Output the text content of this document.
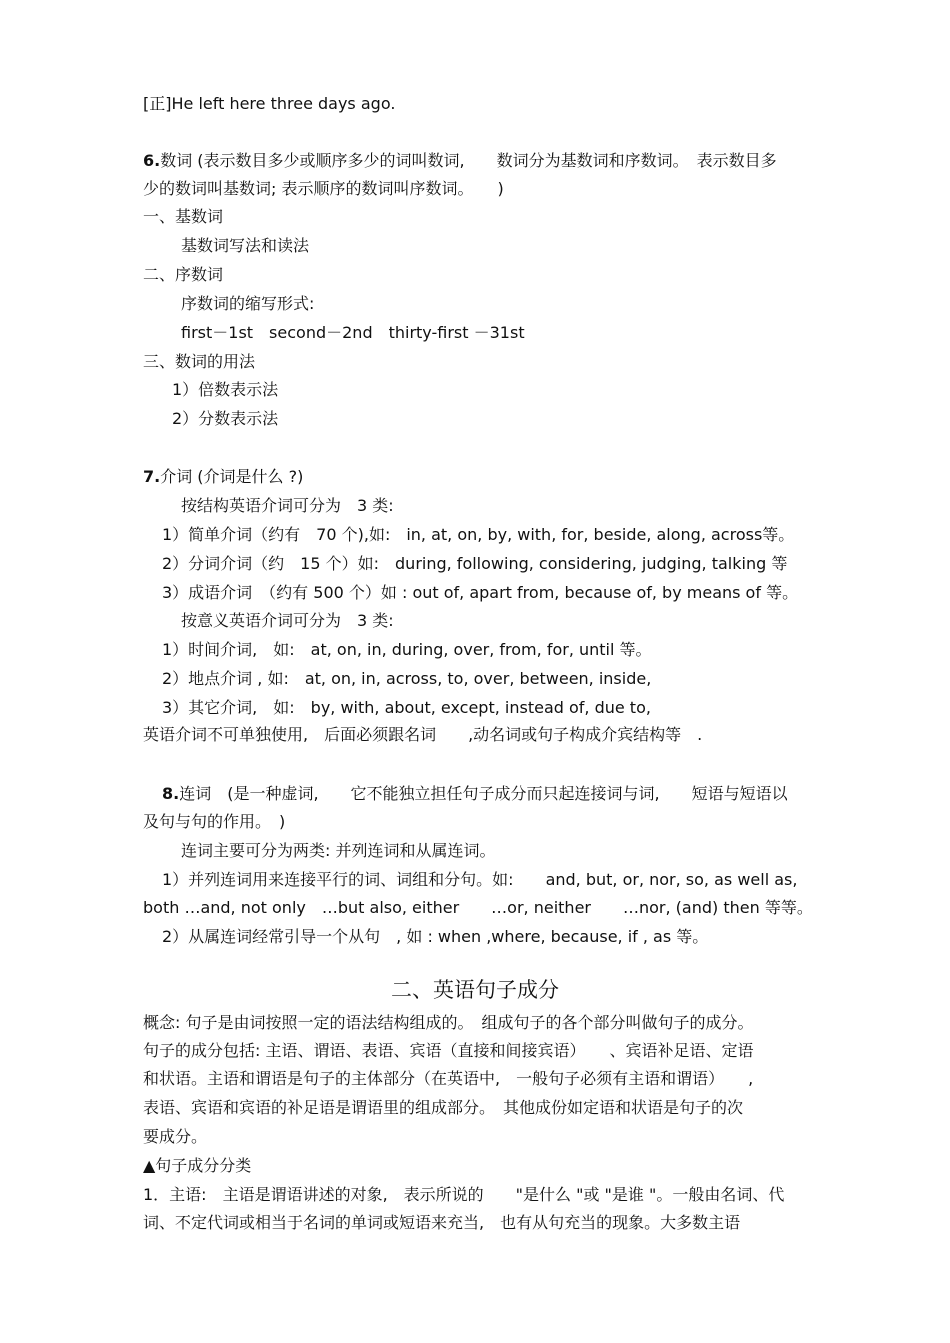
[正]He left here three days ago.
6.数词 (表示数目多少或顺序多少的词叫数词,　　数词分为基数词和序数词。　表示数目多
少的数词叫基数词; 表示顺序的数词叫序数词。　　)
一、基数词
基数词写法和读法
二、序数词
序数词的缩写形式:
first－1st　second－2nd　thirty-first －31st
三、数词的用法
1）倍数表示法
2）分数表示法
7.介词 (介词是什么 ?)
按结构英语介词可分为　3 类:
1）简单介词（约有　70 个),如:　in, at, on, by, with, for, beside, along, across等。
2）分词介词（约　15 个）如:　during, following, considering, judging, talking 等
3）成语介词　（约有 500 个）如 : out of, apart from, because of, by means of 等。
按意义英语介词可分为　3 类:
1）时间介词,　如:　at, on, in, during, over, from, for, until 等。
2）地点介词 , 如:　at, on, in, across, to, over, between, inside,
3）其它介词,　如:　by, with, about, except, instead of, due to,
英语介词不可单独使用,　后面必须跟名词　　,动名词或句子构成介宾结构等　.
8.连词　(是一种虚词,　　它不能独立担任句子成分而只起连接词与词,　　短语与短语以
及句与句的作用。　)
连词主要可分为两类: 并列连词和从属连词。
1）并列连词用来连接平行的词、词组和分句。如:　　and, but, or, nor, so, as well as,
both …and, not only　…but also, either　　…or, neither　　…nor, (and) then 等等。
2）从属连词经常引导一个从句　, 如 : when ,where, because, if , as 等。
概念: 句子是由词按照一定的语法结构组成的。　组成句子的各个部分叫做句子的成分。
句子的成分包括: 主语、谓语、表语、宾语（直接和间接宾语）　　、宾语补足语、定语
和状语。主语和谓语是句子的主体部分（在英语中,　一般句子必须有主语和谓语）　　,
表语、宾语和宾语的补足语是谓语里的组成部分。　其他成份如定语和状语是句子的次
要成分。
▲句子成分分类
1．主语:　主语是谓语讲述的对象,　表示所说的　　"是什么 "或 "是谁 "。一般由名词、代
词、不定代词或相当于名词的单词或短语来充当,　也有从句充当的现象。大多数主语
二、英语句子成分
